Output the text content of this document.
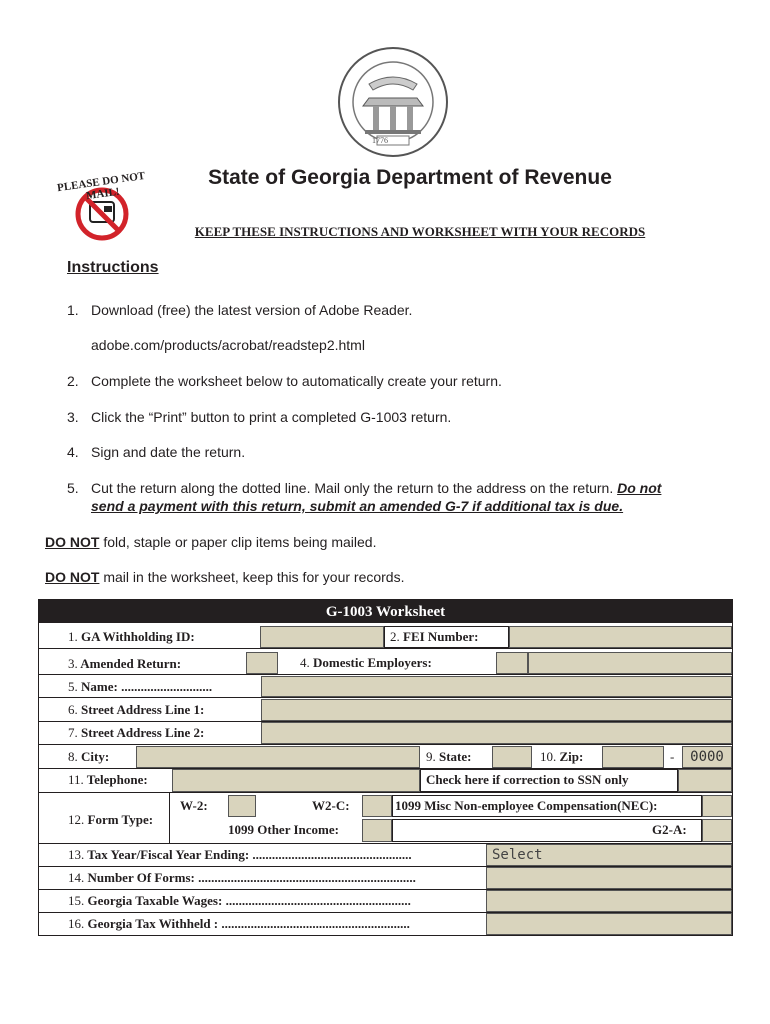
1776
PLEASE DO NOT MAIL!
State of Georgia Department of Revenue
KEEP THESE INSTRUCTIONS AND WORKSHEET WITH YOUR RECORDS
Instructions
1. Download (free) the latest version of Adobe Reader.
adobe.com/products/acrobat/readstep2.html
2. Complete the worksheet below to automatically create your return.
3. Click the “Print” button to print a completed G-1003 return.
4. Sign and date the return.
5. Cut the return along the dotted line. Mail only the return to the address on the return. Do not
send a payment with this return, submit an amended G-7 if additional tax is due.
DO NOT fold, staple or paper clip items being mailed.
DO NOT mail in the worksheet, keep this for your records.
G-1003 Worksheet
1. GA Withholding ID:	2. FEI Number:
3. Amended Return:	4. Domestic Employers:
5. Name: ............................
6. Street Address Line 1:
7. Street Address Line 2:
8. City:	9. State:	10. Zip:	-	0000
11. Telephone:	Check here if correction to SSN only
12. Form Type:
W-2:	W2-C:	1099 Misc Non-employee Compensation(NEC):
1099 Other Income:	G2-A:
13. Tax Year/Fiscal Year Ending: .................................................	Select
14. Number Of Forms: ...................................................................
15. Georgia Taxable Wages: .........................................................
16. Georgia Tax Withheld : ..........................................................
